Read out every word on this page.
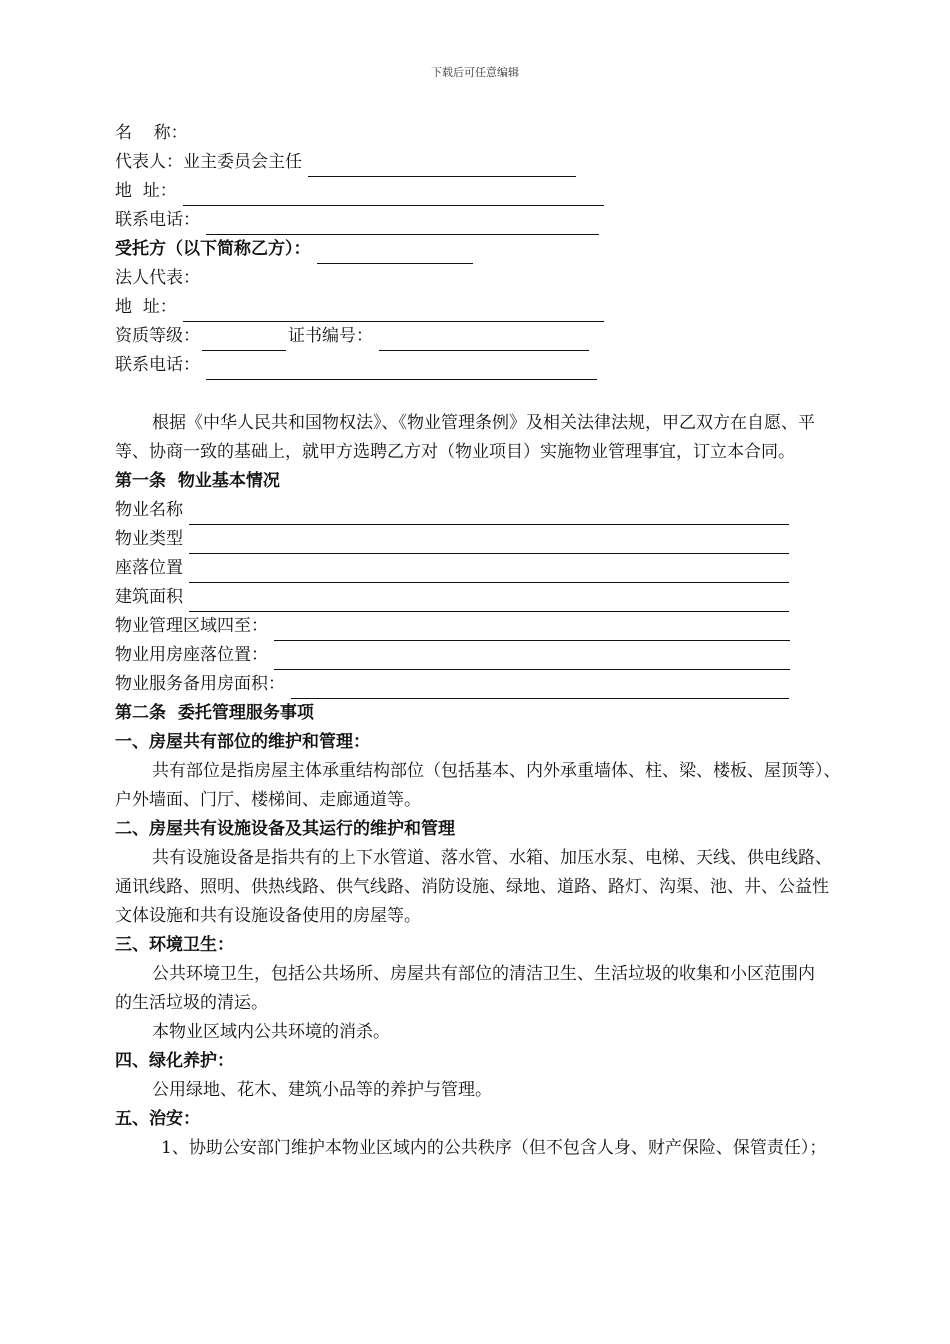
下载后可任意编辑
名    称：
代表人：业主委员会主任
地  址：
联系电话：
受托方（以下简称乙方）：
法人代表：
地  址：
资质等级：	证书编号：
联系电话：

根据《中华人民共和国物权法》、《物业管理条例》及相关法律法规，甲乙双方在自愿、平等、协商一致的基础上，就甲方选聘乙方对（物业项目）实施物业管理事宜，订立本合同。

第一条  物业基本情况
物业名称
物业类型
座落位置
建筑面积
物业管理区域四至：
物业用房座落位置：
物业服务备用房面积：
第二条  委托管理服务事项
一、房屋共有部位的维护和管理：

共有部位是指房屋主体承重结构部位（包括基本、内外承重墙体、柱、梁、楼板、屋顶等）、户外墙面、门厅、楼梯间、走廊通道等。

二、房屋共有设施设备及其运行的维护和管理

共有设施设备是指共有的上下水管道、落水管、水箱、加压水泵、电梯、天线、供电线路、通讯线路、照明、供热线路、供气线路、消防设施、绿地、道路、路灯、沟渠、池、井、公益性文体设施和共有设施设备使用的房屋等。

三、环境卫生：

公共环境卫生，包括公共场所、房屋共有部位的清洁卫生、生活垃圾的收集和小区范围内的生活垃圾的清运。

本物业区域内公共环境的消杀。

四、绿化养护：

公用绿地、花木、建筑小品等的养护与管理。

五、治安：

1、协助公安部门维护本物业区域内的公共秩序（但不包含人身、财产保险、保管责任）；
